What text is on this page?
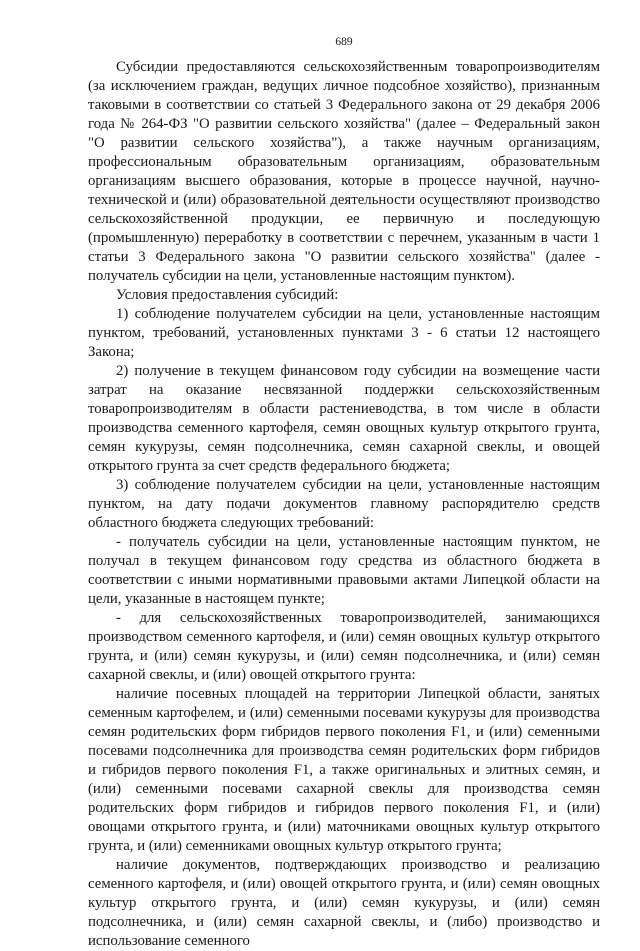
689

Субсидии предоставляются сельскохозяйственным товаропроизводителям (за исключением граждан, ведущих личное подсобное хозяйство), признанным таковыми в соответствии со статьей 3 Федерального закона от 29 декабря 2006 года № 264-ФЗ "О развитии сельского хозяйства" (далее – Федеральный закон "О развитии сельского хозяйства"), а также научным организациям, профессиональным образовательным организациям, образовательным организациям высшего образования, которые в процессе научной, научно-технической и (или) образовательной деятельности осуществляют производство сельскохозяйственной продукции, ее первичную и последующую (промышленную) переработку в соответствии с перечнем, указанным в части 1 статьи 3 Федерального закона "О развитии сельского хозяйства" (далее - получатель субсидии на цели, установленные настоящим пунктом).

Условия предоставления субсидий:

1) соблюдение получателем субсидии на цели, установленные настоящим пунктом, требований, установленных пунктами 3 - 6 статьи 12 настоящего Закона;

2) получение в текущем финансовом году субсидии на возмещение части затрат на оказание несвязанной поддержки сельскохозяйственным товаропроизводителям в области растениеводства, в том числе в области производства семенного картофеля, семян овощных культур открытого грунта, семян кукурузы, семян подсолнечника, семян сахарной свеклы, и овощей открытого грунта за счет средств федерального бюджета;

3) соблюдение получателем субсидии на цели, установленные настоящим пунктом, на дату подачи документов главному распорядителю средств областного бюджета следующих требований:

- получатель субсидии на цели, установленные настоящим пунктом, не получал в текущем финансовом году средства из областного бюджета в соответствии с иными нормативными правовыми актами Липецкой области на цели, указанные в настоящем пункте;

- для сельскохозяйственных товаропроизводителей, занимающихся производством семенного картофеля, и (или) семян овощных культур открытого грунта, и (или) семян кукурузы, и (или) семян подсолнечника, и (или) семян сахарной свеклы, и (или) овощей открытого грунта:

наличие посевных площадей на территории Липецкой области, занятых семенным картофелем, и (или) семенными посевами кукурузы для производства семян родительских форм гибридов первого поколения F1, и (или) семенными посевами подсолнечника для производства семян родительских форм гибридов и гибридов первого поколения F1, а также оригинальных и элитных семян, и (или) семенными посевами сахарной свеклы для производства семян родительских форм гибридов и гибридов первого поколения F1, и (или) овощами открытого грунта, и (или) маточниками овощных культур открытого грунта, и (или) семенниками овощных культур открытого грунта;

наличие документов, подтверждающих производство и реализацию семенного картофеля, и (или) овощей открытого грунта, и (или) семян овощных культур открытого грунта, и (или) семян кукурузы, и (или) семян подсолнечника, и (или) семян сахарной свеклы, и (либо) производство и использование семенного
